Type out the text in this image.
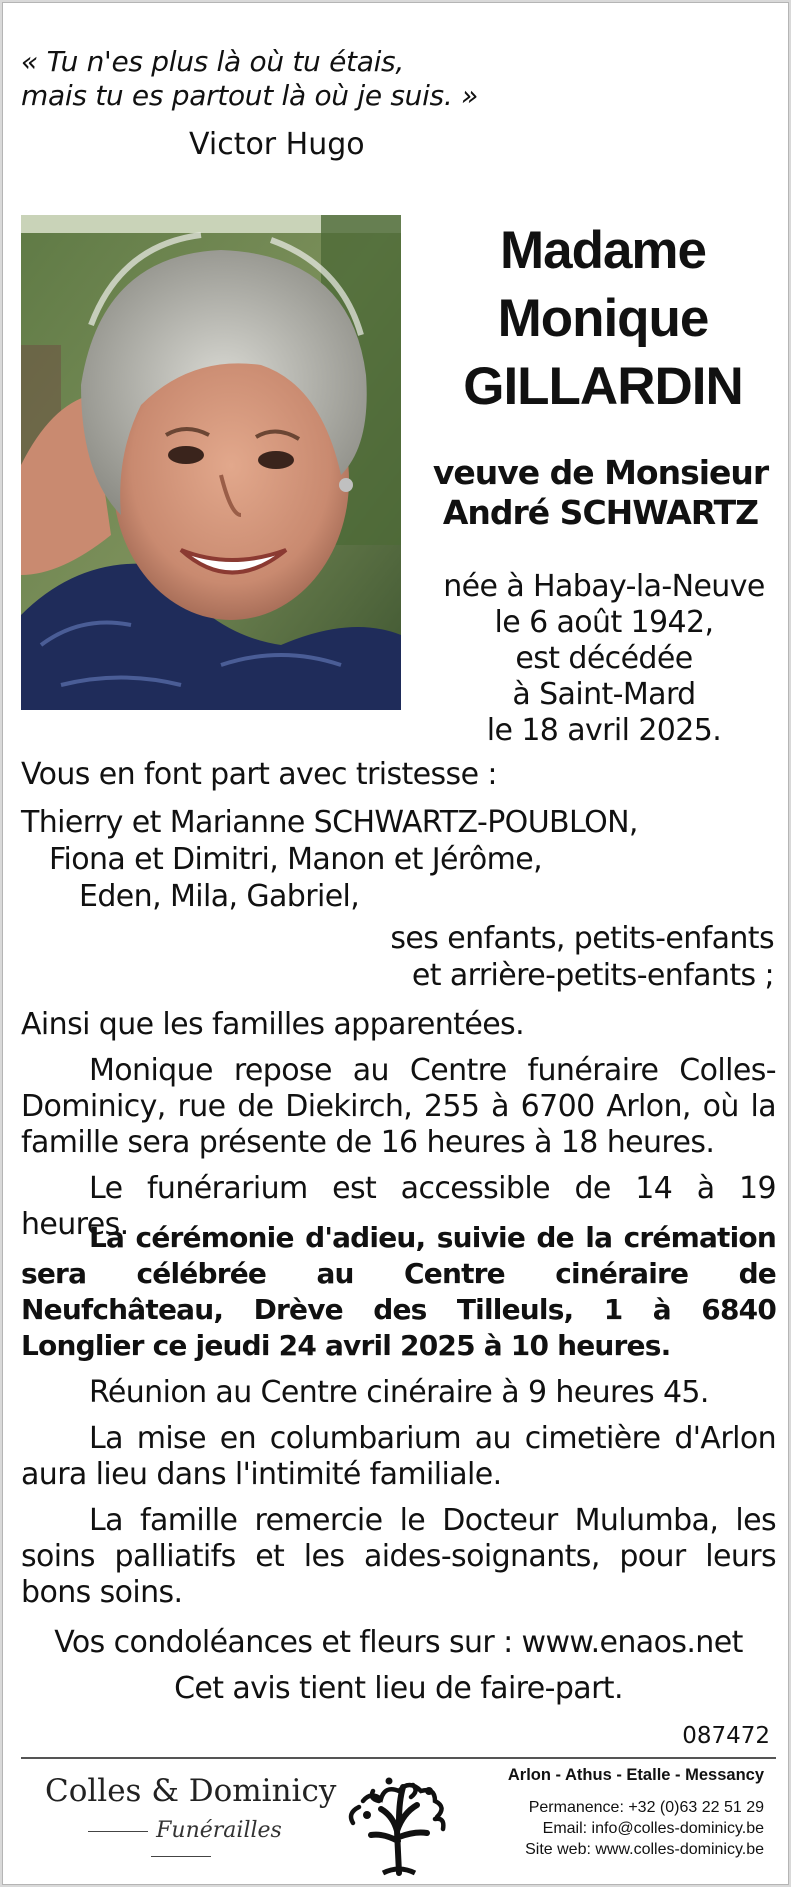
« Tu n'es plus là où tu étais,
mais tu es partout là où je suis. »
Victor Hugo
Madame
Monique
GILLARDIN
veuve de Monsieur
André SCHWARTZ
née à Habay-la-Neuve
le 6 août 1942,
est décédée
à Saint-Mard
le 18 avril 2025.
Vous en font part avec tristesse :
Thierry et Marianne SCHWARTZ-POUBLON,
Fiona et Dimitri, Manon et Jérôme,
Eden, Mila, Gabriel,
ses enfants, petits-enfants
et arrière-petits-enfants ;
Ainsi que les familles apparentées.
Monique repose au Centre funéraire Colles-Dominicy, rue de Diekirch, 255 à 6700 Arlon, où la famille sera présente de 16 heures à 18 heures.
Le funérarium est accessible de 14 à 19 heures.
La cérémonie d'adieu, suivie de la crémation sera célébrée au Centre cinéraire de Neufchâteau, Drève des Tilleuls, 1 à 6840 Longlier ce jeudi 24 avril 2025 à 10 heures.
Réunion au Centre cinéraire à 9 heures 45.
La mise en columbarium au cimetière d'Arlon aura lieu dans l'intimité familiale.
La famille remercie le Docteur Mulumba, les soins palliatifs et les aides-soignants, pour leurs bons soins.
Vos condoléances et fleurs sur : www.enaos.net
Cet avis tient lieu de faire-part.
087472
Colles & Dominicy
Funérailles
Arlon - Athus - Etalle - Messancy
Permanence: +32 (0)63 22 51 29
Email: info@colles-dominicy.be
Site web: www.colles-dominicy.be
